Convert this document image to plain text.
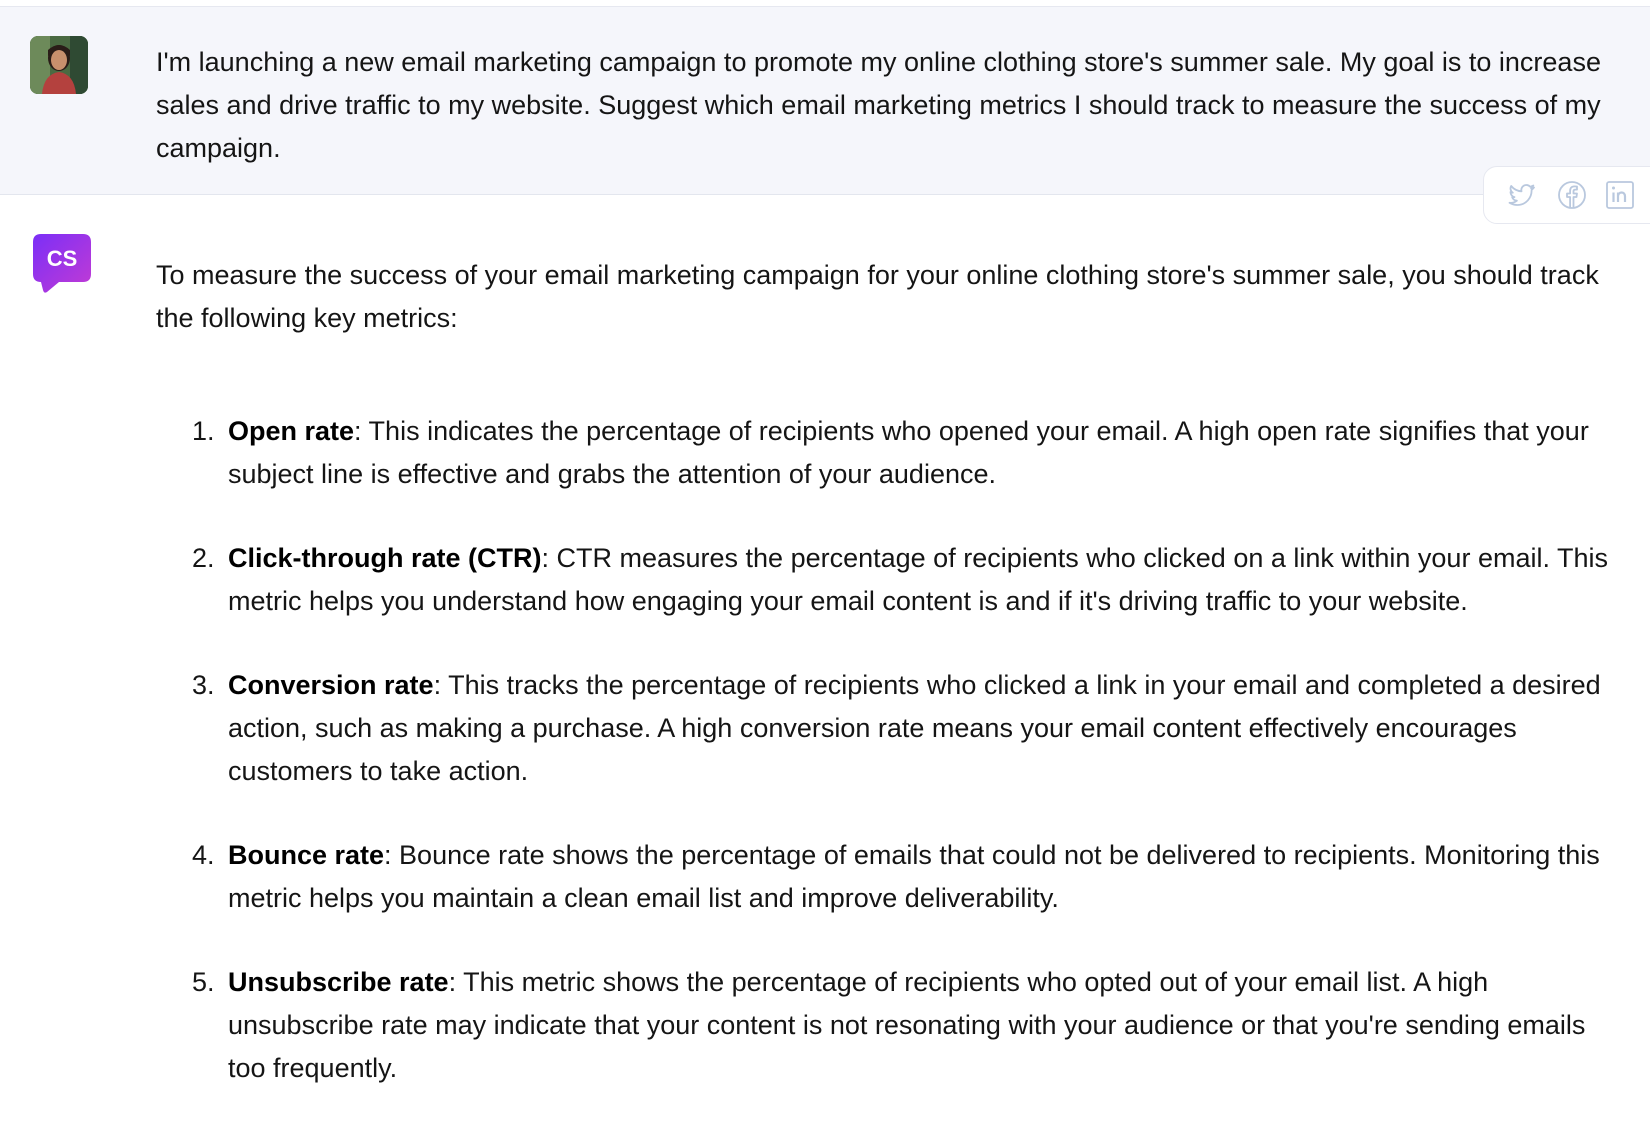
I'm launching a new email marketing campaign to promote my online clothing store's summer sale. My goal is to increase sales and drive traffic to my website. Suggest which email marketing metrics I should track to measure the success of my campaign.

CS

To measure the success of your email marketing campaign for your online clothing store's summer sale, you should track the following key metrics:

1. Open rate: This indicates the percentage of recipients who opened your email. A high open rate signifies that your subject line is effective and grabs the attention of your audience.
2. Click-through rate (CTR): CTR measures the percentage of recipients who clicked on a link within your email. This metric helps you understand how engaging your email content is and if it's driving traffic to your website.
3. Conversion rate: This tracks the percentage of recipients who clicked a link in your email and completed a desired action, such as making a purchase. A high conversion rate means your email content effectively encourages customers to take action.
4. Bounce rate: Bounce rate shows the percentage of emails that could not be delivered to recipients. Monitoring this metric helps you maintain a clean email list and improve deliverability.
5. Unsubscribe rate: This metric shows the percentage of recipients who opted out of your email list. A high unsubscribe rate may indicate that your content is not resonating with your audience or that you're sending emails too frequently.
